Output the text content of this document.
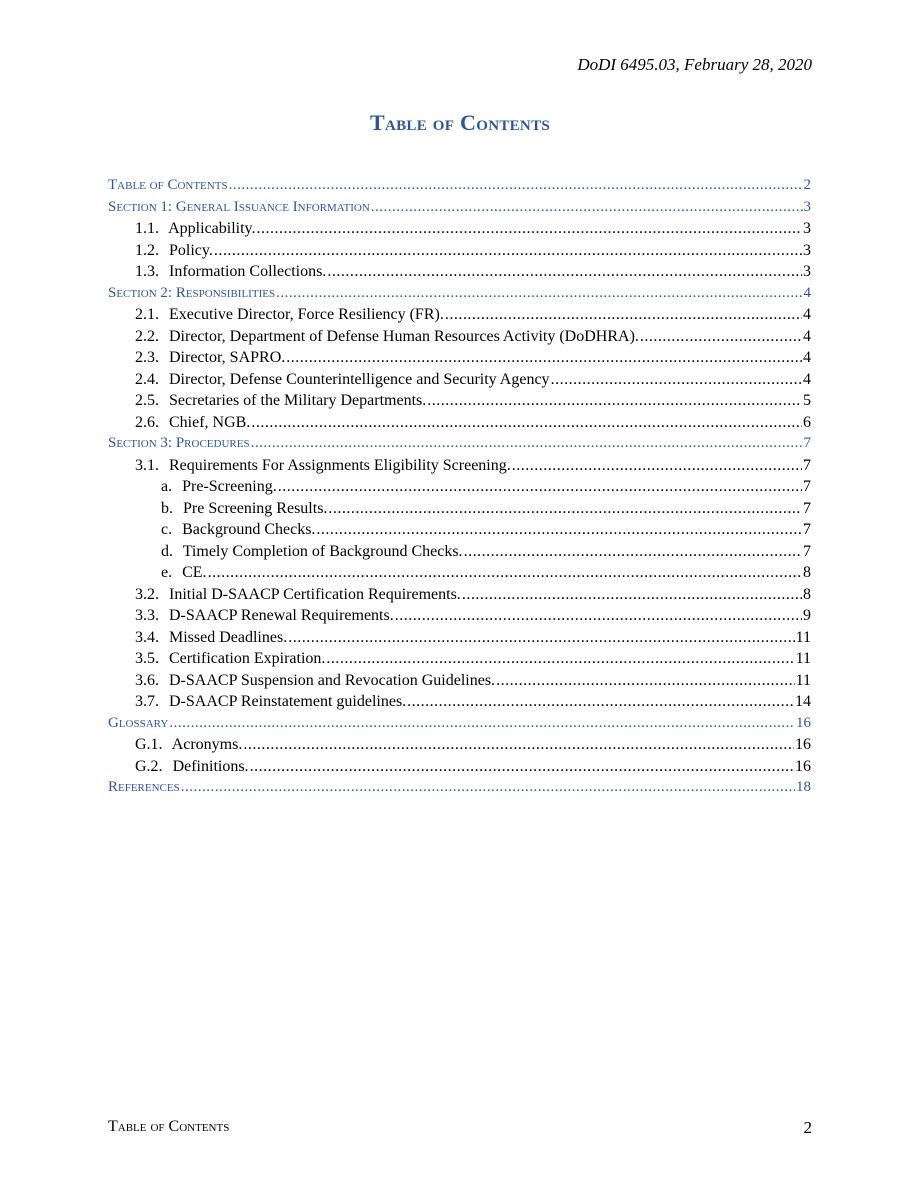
DoDI 6495.03, February 28, 2020
Table of Contents
Table of Contents .....	2
Section 1: General Issuance Information .....	3
1.1. Applicability. .....	3
1.2. Policy. .....	3
1.3. Information Collections. .....	3
Section 2: Responsibilities .....	4
2.1. Executive Director, Force Resiliency (FR). .....	4
2.2. Director, Department of Defense Human Resources Activity (DoDHRA). .....	4
2.3. Director, SAPRO. .....	4
2.4. Director, Defense Counterintelligence and Security Agency .....	4
2.5. Secretaries of the Military Departments. .....	5
2.6. Chief, NGB. .....	6
Section 3: Procedures .....	7
3.1. Requirements For Assignments Eligibility Screening. .....	7
a. Pre-Screening. .....	7
b. Pre Screening Results. .....	7
c. Background Checks. .....	7
d. Timely Completion of Background Checks. .....	7
e. CE. .....	8
3.2. Initial D-SAACP Certification Requirements. .....	8
3.3. D-SAACP Renewal Requirements. .....	9
3.4. Missed Deadlines. .....	11
3.5. Certification Expiration. .....	11
3.6. D-SAACP Suspension and Revocation Guidelines. .....	11
3.7. D-SAACP Reinstatement guidelines. .....	14
Glossary .....	16
G.1. Acronyms. .....	16
G.2. Definitions. .....	16
References .....	18
Table of Contents	2
